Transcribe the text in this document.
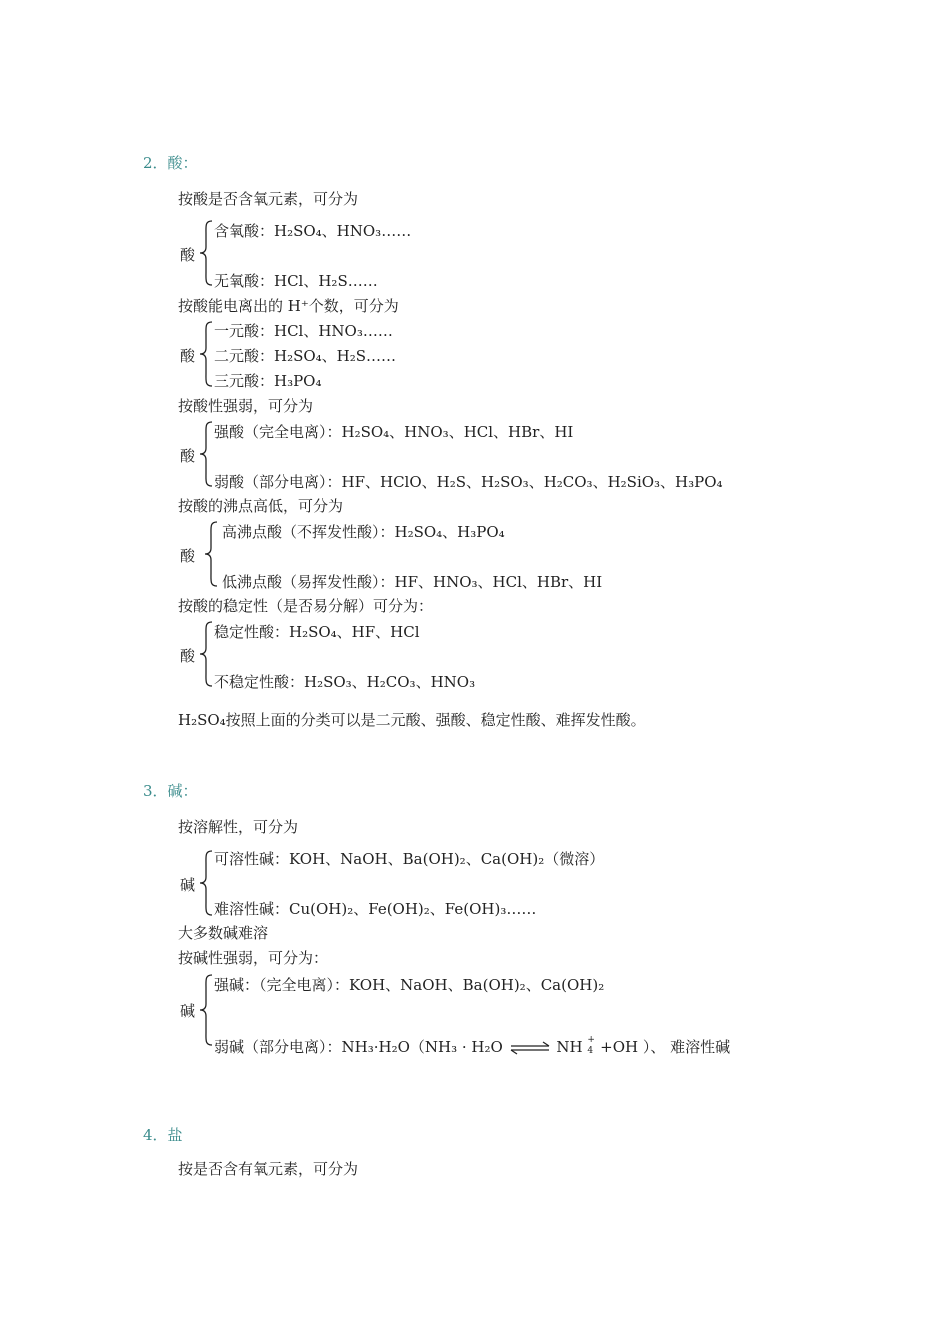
2．酸：
按酸是否含氧元素，可分为
酸
含氧酸：H₂SO₄、HNO₃……
无氧酸：HCl、H₂S……
按酸能电离出的 H⁺个数，可分为
酸
一元酸：HCl、HNO₃……
二元酸：H₂SO₄、H₂S……
三元酸：H₃PO₄
按酸性强弱，可分为
酸
强酸（完全电离）：H₂SO₄、HNO₃、HCl、HBr、HI
弱酸（部分电离）：HF、HClO、H₂S、H₂SO₃、H₂CO₃、H₂SiO₃、H₃PO₄
按酸的沸点高低，可分为
酸
高沸点酸（不挥发性酸）：H₂SO₄、H₃PO₄
低沸点酸（易挥发性酸）：HF、HNO₃、HCl、HBr、HI
按酸的稳定性（是否易分解）可分为：
酸
稳定性酸：H₂SO₄、HF、HCl
不稳定性酸：H₂SO₃、H₂CO₃、HNO₃
H₂SO₄按照上面的分类可以是二元酸、强酸、稳定性酸、难挥发性酸。
3．碱：
按溶解性，可分为
碱
可溶性碱：KOH、NaOH、Ba(OH)₂、Ca(OH)₂（微溶）
难溶性碱：Cu(OH)₂、Fe(OH)₂、Fe(OH)₃……
大多数碱难溶
按碱性强弱，可分为：
碱
强碱：（完全电离）：KOH、NaOH、Ba(OH)₂、Ca(OH)₂
弱碱（部分电离）：NH₃·H₂O（NH₃ · H₂O ⇌ NH +
4 +OH ）、 难溶性碱
4．盐
按是否含有氧元素，可分为
